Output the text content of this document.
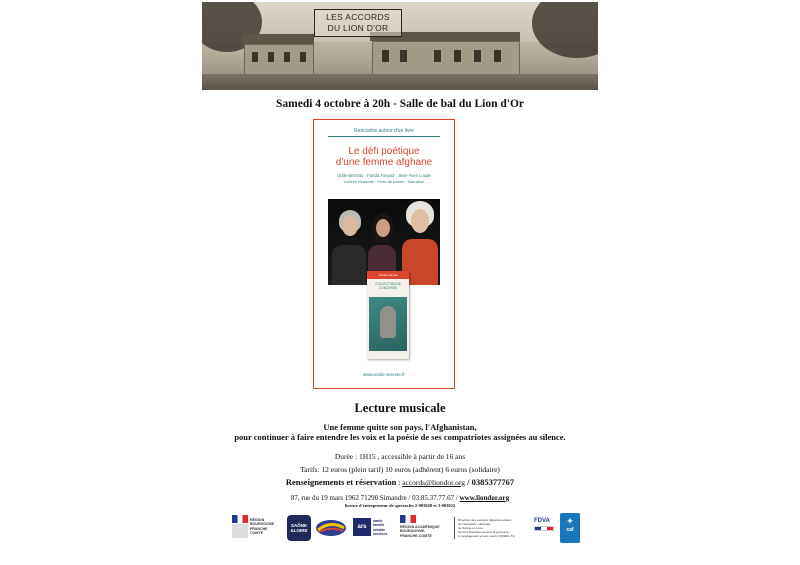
LES ACCORDS
DU LION D'OR
Samedi 4 octobre à 20h - Salle de bal du Lion d'Or
Rencontre autour d'un livre
Le défi poétique
d'une femme afghane
Odile Bertotto · Farida Faryad · Jean-Yves Loude
Lecture musicale · Prise de parole · Narration
Farida Faryad
COLLECTION DE CONCERSE
www.etoile-secrete.fr
Lecture musicale
Une femme quitte son pays, l'Afghanistan,
pour continuer à faire entendre les voix et la poésie de ses compatriotes assignées au silence.
Durée : 1H15 , accessible à partir de 16 ans
Tarifs: 12 euros (plein tarif) 10 euros (adhérent) 6 euros (solidaire)
Renseignements et réservation : accords@liondor.org / 0385377767
87, rue du 19 mars 1962 71290 Simandre / 03.85.37.77.67 / www.liondor.org
licence d'entrepreneur de spectacles 2-003020 et 3-003022
RÉGION
BOURGOGNE
FRANCHE
COMTÉ
SAÔNE
&LOIRE
ars
santé
famille
retraite
services
RÉGION ACADÉMIQUE
BOURGOGNE-
FRANCHE-COMTÉ
Direction des services départementaux
de l'éducation nationale
de Saône-et-Loire
Service Départemental à la jeunesse,
à l'engagement et aux sports (SDJES 71)
FDVA	✦
caf
